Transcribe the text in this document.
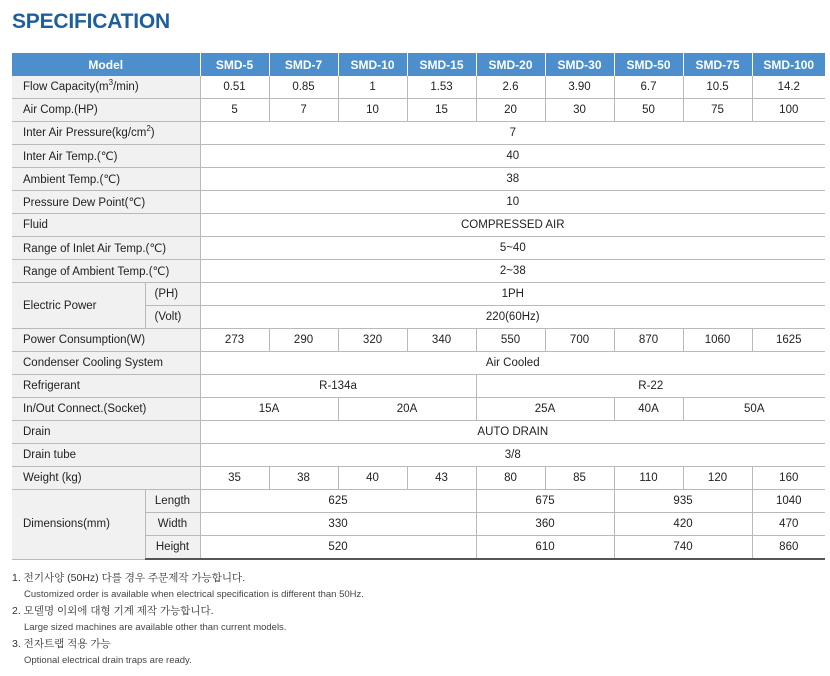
SPECIFICATION
Model		SMD-5	SMD-7	SMD-10	SMD-15	SMD-20	SMD-30	SMD-50	SMD-75	SMD-100
Flow $Capacity(m^3/\min)$		0.51	0.85	1	1.53	2.6	3.90	6.7	10.5	14.2
Air Comp.(HP)		5	7	10	15	20	30	50	75	100
Inter Air $Pressure(kg/cm^2)$		7								
Inter Air Temp.(℃)		40								
Ambient Temp.(℃)		38								
Pressure Dew Point(℃)		10								
Fluid		COMPRESSED AIR								
Range of Inlet Air Temp.(℃)		5~40								
Range of Ambient Temp.(℃)		2~38								
Electric Power	(PH)	1PH								
	(Volt)	220(60Hz)								
Power Consumption(W)		273	290	320	340	550	700	870	1060	1625
Condenser Cooling System		Air Cooled								
Refrigerant		R-134a				R-22				
In/Out Connect.(Socket)		15A		20A		25A		40A	50A	
Drain		AUTO DRAIN								
Drain tube		3/8								
Weight (kg)		35	38	40	43	80	85	110	120	160
Dimensions(mm)	Length	625				675		935		1040
	Width	330				360		420		470
	Height	520				610		740		860
1. 전기사양 (50Hz) 다를 경우 주문제작 가능합니다.
Customized order is available when electrical specification is different than 50Hz.
2. 모델명 이외에 대형 기계 제작 가능합니다.
Large sized machines are available other than current models.
3. 전자트랩 적용 가능
Optional electrical drain traps are ready.
